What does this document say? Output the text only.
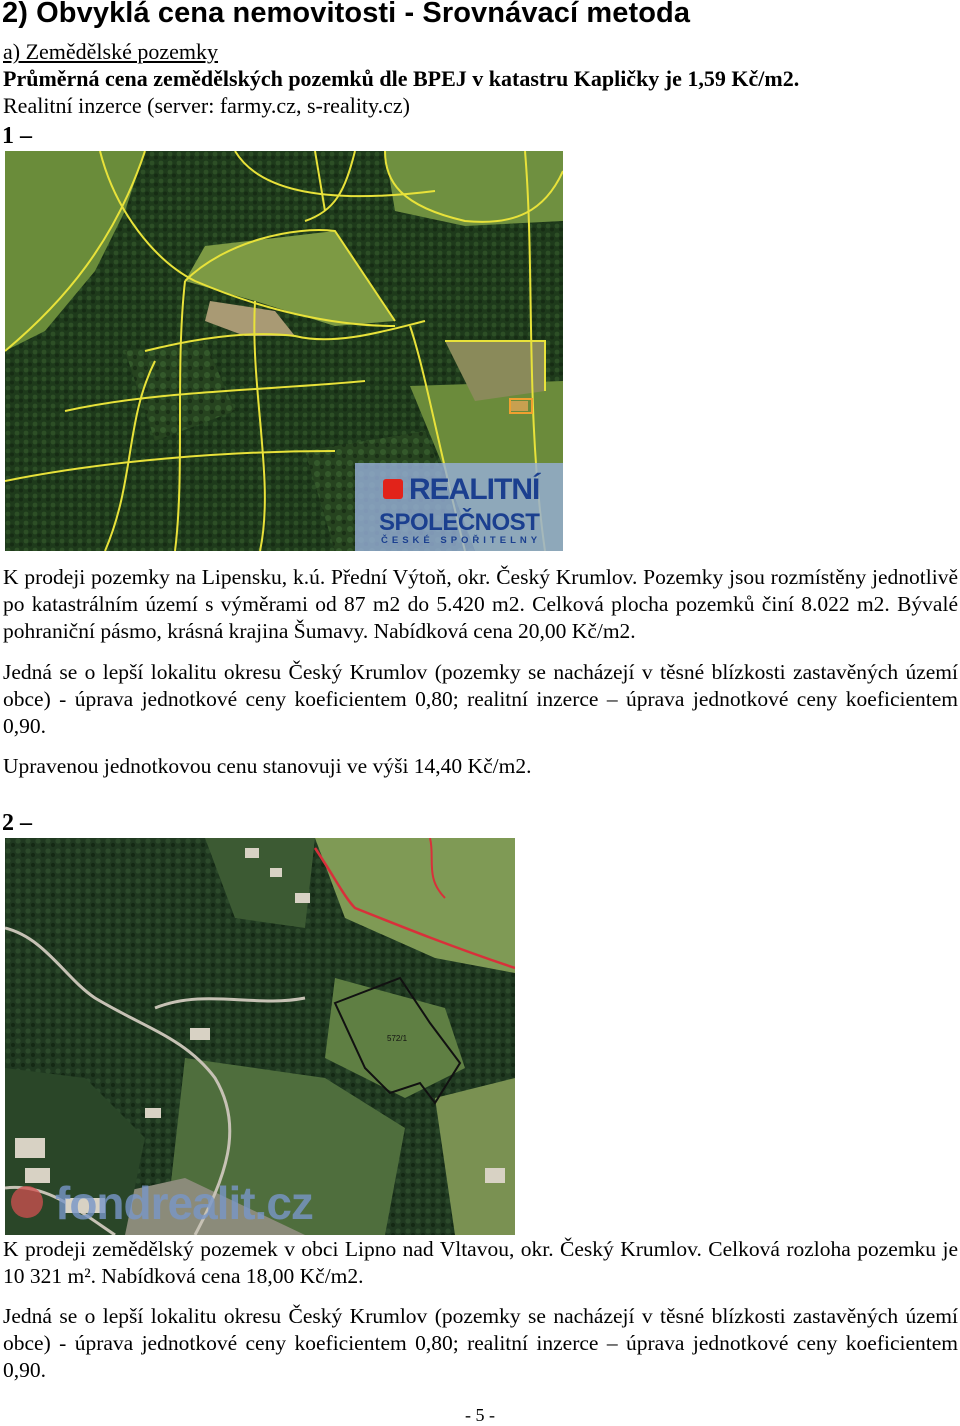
2) Obvyklá cena nemovitosti - Srovnávací metoda

a) Zemědělské pozemky

Průměrná cena zemědělských pozemků dle BPEJ v katastru Kapličky je 1,59 Kč/m2.

Realitní inzerce (server: farmy.cz, s-reality.cz)

1 –
REALITNÍ
SPOLEČNOST
ČESKÉ SPOŘITELNY

K prodeji pozemky na Lipensku, k.ú. Přední Výtoň, okr. Český Krumlov. Pozemky jsou rozmístěny jednotlivě po katastrálním území s výměrami od 87 m2 do 5.420 m2. Celková plocha pozemků činí 8.022 m2. Bývalé pohraniční pásmo, krásná krajina Šumavy. Nabídková cena 20,00 Kč/m2.

Jedná se o lepší lokalitu okresu Český Krumlov (pozemky se nacházejí v těsné blízkosti zastavěných území obce) - úprava jednotkové ceny koeficientem 0,80; realitní inzerce – úprava jednotkové ceny koeficientem 0,90.

Upravenou jednotkovou cenu stanovuji ve výši 14,40 Kč/m2.

2 –
572/1
fondrealit.cz

K prodeji zemědělský pozemek v obci Lipno nad Vltavou, okr. Český Krumlov. Celková rozloha pozemku je 10 321 m². Nabídková cena 18,00 Kč/m2.

Jedná se o lepší lokalitu okresu Český Krumlov (pozemky se nacházejí v těsné blízkosti zastavěných území obce) - úprava jednotkové ceny koeficientem 0,80; realitní inzerce – úprava jednotkové ceny koeficientem 0,90.

- 5 -
